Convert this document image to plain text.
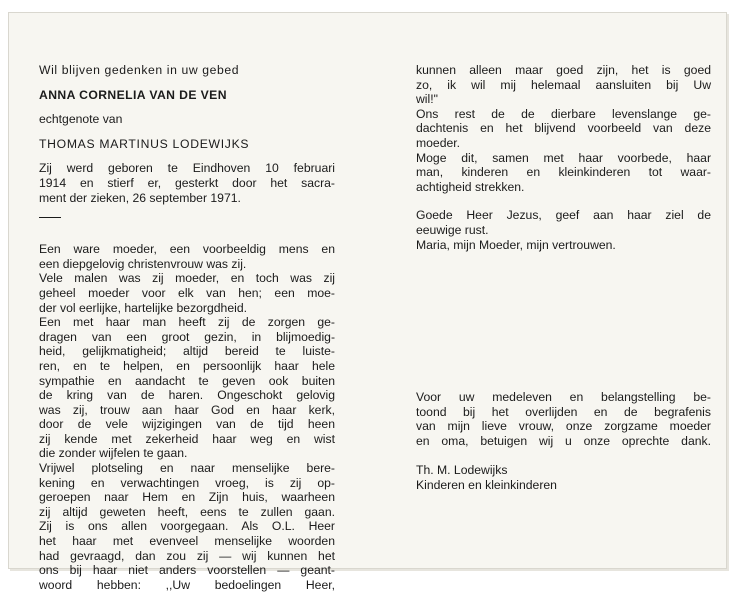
Wil blijven gedenken in uw gebed
ANNA CORNELIA VAN DE VEN
echtgenote van
THOMAS MARTINUS LODEWIJKS
Zij werd geboren te Eindhoven 10 februari
1914 en stierf er, gesterkt door het sacra-
ment der zieken, 26 september 1971.
Een ware moeder, een voorbeeldig mens en
een diepgelovig christenvrouw was zij.
Vele malen was zij moeder, en toch was zij
geheel moeder voor elk van hen; een moe-
der vol eerlijke, hartelijke bezorgdheid.
Een met haar man heeft zij de zorgen ge-
dragen van een groot gezin, in blijmoedig-
heid, gelijkmatigheid; altijd bereid te luiste-
ren, en te helpen, en persoonlijk haar hele
sympathie en aandacht te geven ook buiten
de kring van de haren. Ongeschokt gelovig
was zij, trouw aan haar God en haar kerk,
door de vele wijzigingen van de tijd heen
zij kende met zekerheid haar weg en wist
die zonder wijfelen te gaan.
Vrijwel plotseling en naar menselijke bere-
kening en verwachtingen vroeg, is zij op-
geroepen naar Hem en Zijn huis, waarheen
zij altijd geweten heeft, eens te zullen gaan.
Zij is ons allen voorgegaan. Als O.L. Heer
het haar met evenveel menselijke woorden
had gevraagd, dan zou zij — wij kunnen het
ons bij haar niet anders voorstellen — geant-
woord hebben: ,,Uw bedoelingen Heer,
kunnen alleen maar goed zijn, het is goed
zo, ik wil mij helemaal aansluiten bij Uw
wil!"
Ons rest de de dierbare levenslange ge-
dachtenis en het blijvend voorbeeld van deze
moeder.
Moge dit, samen met haar voorbede, haar
man, kinderen en kleinkinderen tot waar-
achtigheid strekken.
Goede Heer Jezus, geef aan haar ziel de
eeuwige rust.
Maria, mijn Moeder, mijn vertrouwen.
Voor uw medeleven en belangstelling be-
toond bij het overlijden en de begrafenis
van mijn lieve vrouw, onze zorgzame moeder
en oma, betuigen wij u onze oprechte dank.
Th. M. Lodewijks
Kinderen en kleinkinderen
